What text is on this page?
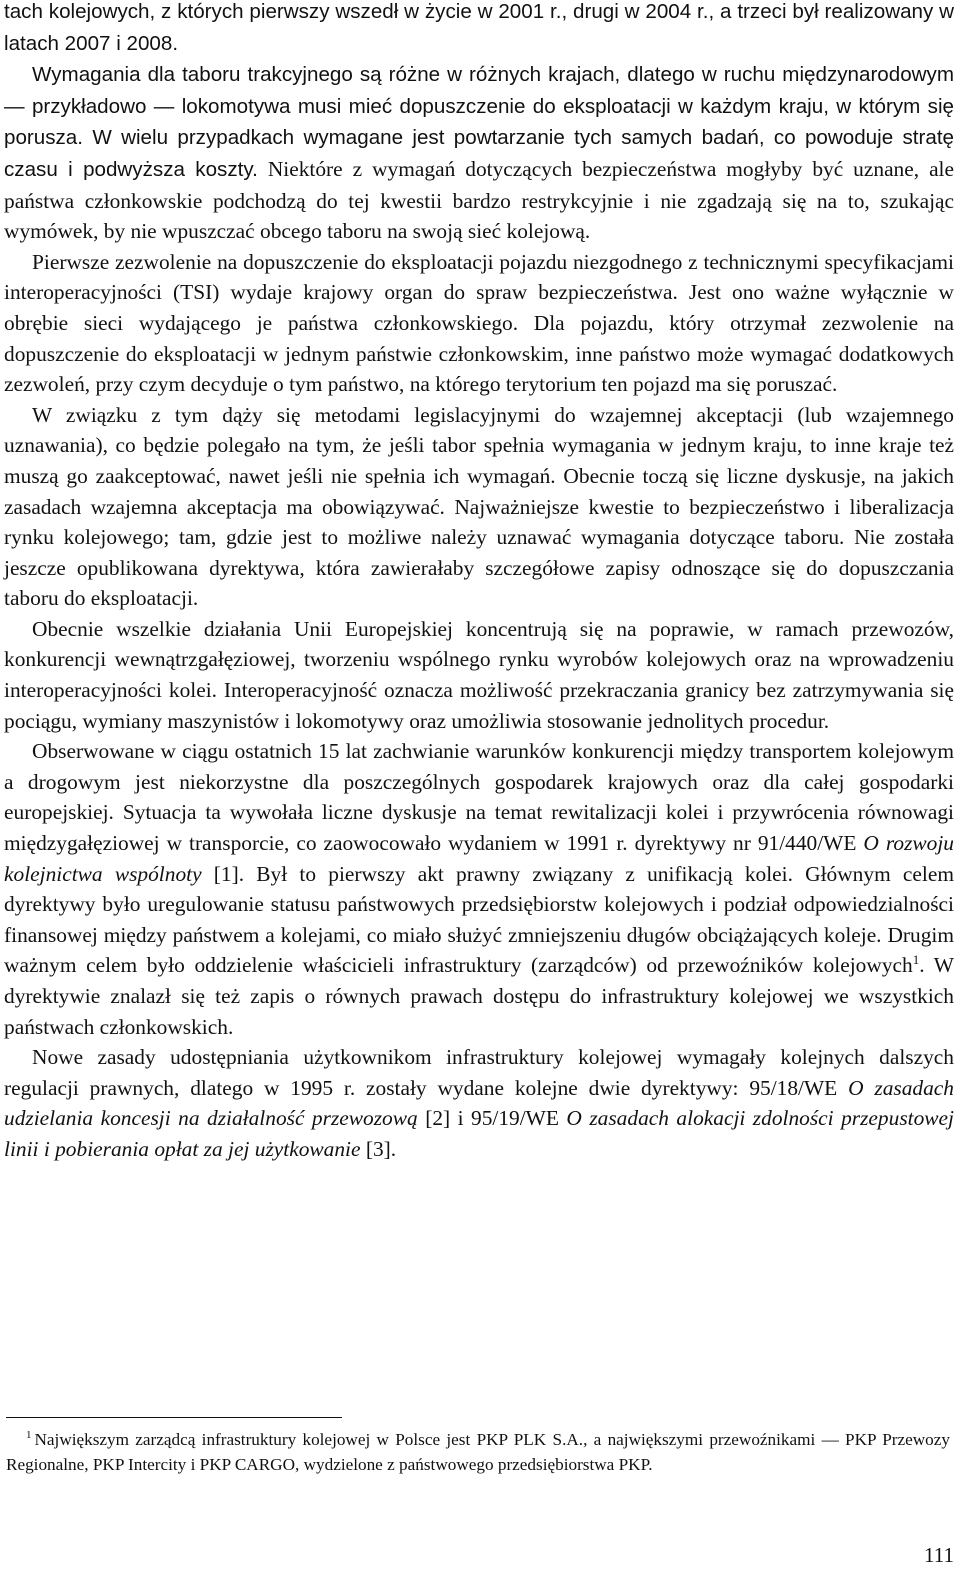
tach kolejowych, z których pierwszy wszedł w życie w 2001 r., drugi w 2004 r., a trzeci był realizowany w latach 2007 i 2008.

Wymagania dla taboru trakcyjnego są różne w różnych krajach, dlatego w ruchu międzynarodowym — przykładowo — lokomotywa musi mieć dopuszczenie do eksploatacji w każdym kraju, w którym się porusza. W wielu przypadkach wymagane jest powtarzanie tych samych badań, co powoduje stratę czasu i podwyższa koszty. Niektóre z wymagań dotyczących bezpieczeństwa mogłyby być uznane, ale państwa członkowskie podchodzą do tej kwestii bardzo restrykcyjnie i nie zgadzają się na to, szukając wymówek, by nie wpuszczać obcego taboru na swoją sieć kolejową.

Pierwsze zezwolenie na dopuszczenie do eksploatacji pojazdu niezgodnego z technicznymi specyfikacjami interoperacyjności (TSI) wydaje krajowy organ do spraw bezpieczeństwa. Jest ono ważne wyłącznie w obrębie sieci wydającego je państwa członkowskiego. Dla pojazdu, który otrzymał zezwolenie na dopuszczenie do eksploatacji w jednym państwie członkowskim, inne państwo może wymagać dodatkowych zezwoleń, przy czym decyduje o tym państwo, na którego terytorium ten pojazd ma się poruszać.

W związku z tym dąży się metodami legislacyjnymi do wzajemnej akceptacji (lub wzajemnego uznawania), co będzie polegało na tym, że jeśli tabor spełnia wymagania w jednym kraju, to inne kraje też muszą go zaakceptować, nawet jeśli nie spełnia ich wymagań. Obecnie toczą się liczne dyskusje, na jakich zasadach wzajemna akceptacja ma obowiązywać. Najważniejsze kwestie to bezpieczeństwo i liberalizacja rynku kolejowego; tam, gdzie jest to możliwe należy uznawać wymagania dotyczące taboru. Nie została jeszcze opublikowana dyrektywa, która zawierałaby szczegółowe zapisy odnoszące się do dopuszczania taboru do eksploatacji.

Obecnie wszelkie działania Unii Europejskiej koncentrują się na poprawie, w ramach przewozów, konkurencji wewnątrzgałęziowej, tworzeniu wspólnego rynku wyrobów kolejowych oraz na wprowadzeniu interoperacyjności kolei. Interoperacyjność oznacza możliwość przekraczania granicy bez zatrzymywania się pociągu, wymiany maszynistów i lokomotywy oraz umożliwia stosowanie jednolitych procedur.

Obserwowane w ciągu ostatnich 15 lat zachwianie warunków konkurencji między transportem kolejowym a drogowym jest niekorzystne dla poszczególnych gospodarek krajowych oraz dla całej gospodarki europejskiej. Sytuacja ta wywołała liczne dyskusje na temat rewitalizacji kolei i przywrócenia równowagi międzygałęziowej w transporcie, co zaowocowało wydaniem w 1991 r. dyrektywy nr 91/440/WE O rozwoju kolejnictwa wspólnoty [1]. Był to pierwszy akt prawny związany z unifikacją kolei. Głównym celem dyrektywy było uregulowanie statusu państwowych przedsiębiorstw kolejowych i podział odpowiedzialności finansowej między państwem a kolejami, co miało służyć zmniejszeniu długów obciążających koleje. Drugim ważnym celem było oddzielenie właścicieli infrastruktury (zarządców) od przewoźników kolejowych$^1$. W dyrektywie znalazł się też zapis o równych prawach dostępu do infrastruktury kolejowej we wszystkich państwach członkowskich.

Nowe zasady udostępniania użytkownikom infrastruktury kolejowej wymagały kolejnych dalszych regulacji prawnych, dlatego w 1995 r. zostały wydane kolejne dwie dyrektywy: 95/18/WE O zasadach udzielania koncesji na działalność przewozową [2] i 95/19/WE O zasadach alokacji zdolności przepustowej linii i pobierania opłat za jej użytkowanie [3].

$^1$ Największym zarządcą infrastruktury kolejowej w Polsce jest PKP PLK S.A., a największymi przewoźnikami — PKP Przewozy Regionalne, PKP Intercity i PKP CARGO, wydzielone z państwowego przedsiębiorstwa PKP.

111
